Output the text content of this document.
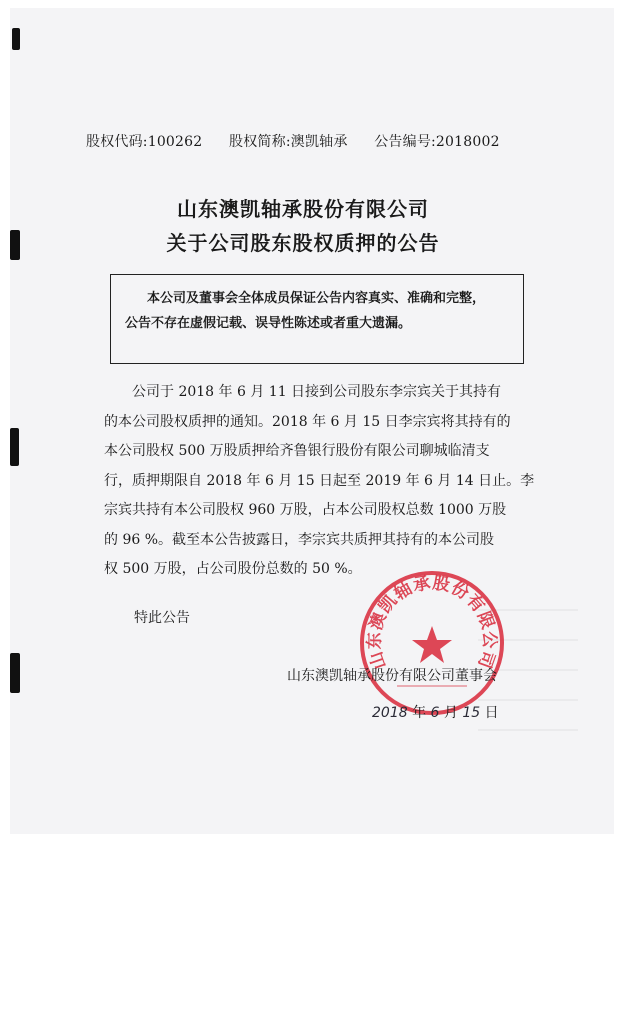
股权代码:100262 股权简称:澳凯轴承 公告编号:2018002
山东澳凯轴承股份有限公司
关于公司股东股权质押的公告
本公司及董事会全体成员保证公告内容真实、准确和完整，
公告不存在虚假记载、误导性陈述或者重大遗漏。

　　公司于 2018 年 6 月 11 日接到公司股东李宗宾关于其持有

的本公司股权质押的通知。2018 年 6 月 15 日李宗宾将其持有的

本公司股权 500 万股质押给齐鲁银行股份有限公司聊城临清支

行，质押期限自 2018 年 6 月 15 日起至 2019 年 6 月 14 日止。李

宗宾共持有本公司股权 960 万股，占本公司股权总数 1000 万股

的 96 %。截至本公告披露日，李宗宾共质押其持有的本公司股

权 500 万股，占公司股份总数的 50 %。

特此公告
山东澳凯轴承股份有限公司
山东澳凯轴承股份有限公司董事会
2018 年 6 月 15 日
